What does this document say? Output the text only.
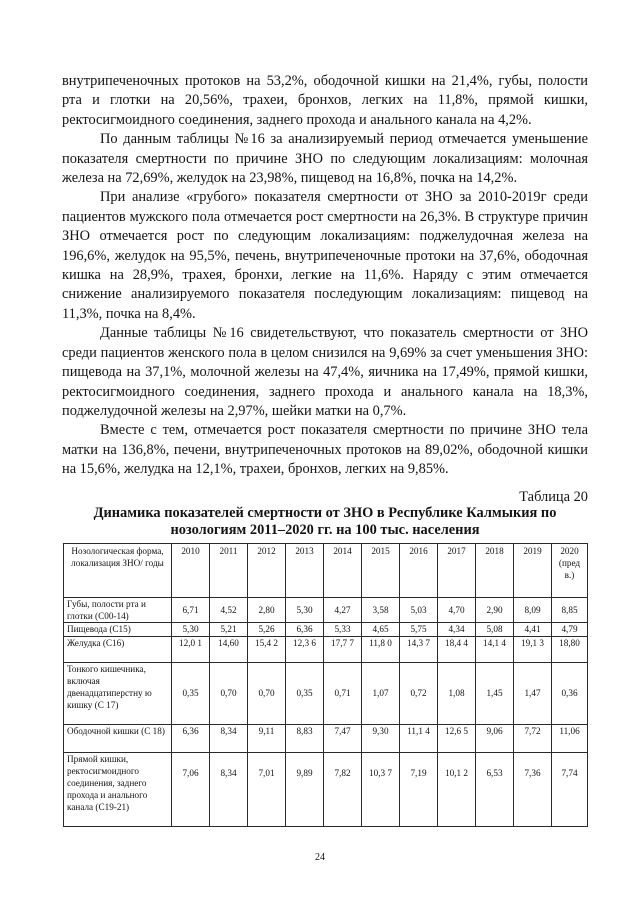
внутрипеченочных протоков на 53,2%, ободочной кишки на 21,4%, губы, полости рта и глотки на 20,56%, трахеи, бронхов, легких на 11,8%, прямой кишки, ректосигмоидного соединения, заднего прохода и анального канала на 4,2%.

По данным таблицы №16 за анализируемый период отмечается уменьшение показателя смертности по причине ЗНО по следующим локализациям: молочная железа на 72,69%, желудок на 23,98%, пищевод на 16,8%, почка на 14,2%.

При анализе «грубого» показателя смертности от ЗНО за 2010-2019г среди пациентов мужского пола отмечается рост смертности на 26,3%. В структуре причин ЗНО отмечается рост по следующим локализациям: поджелудочная железа на 196,6%, желудок на 95,5%, печень, внутрипеченочные протоки на 37,6%, ободочная кишка на 28,9%, трахея, бронхи, легкие на 11,6%. Наряду с этим отмечается снижение анализируемого показателя последующим локализациям: пищевод на 11,3%, почка на 8,4%.

Данные таблицы №16 свидетельствуют, что показатель смертности от ЗНО среди пациентов женского пола в целом снизился на 9,69% за счет уменьшения ЗНО: пищевода на 37,1%, молочной железы на 47,4%, яичника на 17,49%, прямой кишки, ректосигмоидного соединения, заднего прохода и анального канала на 18,3%, поджелудочной железы на 2,97%, шейки матки на 0,7%.

Вместе с тем, отмечается рост показателя смертности по причине ЗНО тела матки на 136,8%, печени, внутрипеченочных протоков на 89,02%, ободочной кишки на 15,6%, желудка на 12,1%, трахеи, бронхов, легких на 9,85%.

Таблица 20
Динамика показателей смертности от ЗНО в Республике Калмыкия по нозологиям 2011–2020 гг. на 100 тыс. населения
Нозологическая форма, локализация ЗНО/ годы	2010	2011	2012	2013	2014	2015	2016	2017	2018	2019	2020 (пред в.)
Губы, полости рта и глотки (С00-14)	6,71	4,52	2,80	5,30	4,27	3,58	5,03	4,70	2,90	8,09	8,85
Пищевода (С15)	5,30	5,21	5,26	6,36	5,33	4,65	5,75	4,34	5,08	4,41	4,79
Желудка (С16)	12,0 1	14,60	15,4 2	12,3 6	17,7 7	11,8 0	14,3 7	18,4 4	14,1 4	19,1 3	18,80
Тонкого кишечника, включая двенадцатиперстну ю кишку (С 17)	0,35	0,70	0,70	0,35	0,71	1,07	0,72	1,08	1,45	1,47	0,36
Ободочной кишки (С 18)	6,36	8,34	9,11	8,83	7,47	9,30	11,1 4	12,6 5	9,06	7,72	11,06
Прямой кишки, ректосигмоидного соединения, заднего прохода и анального канала (С19-21)	7,06	8,34	7,01	9,89	7,82	10,3 7	7,19	10,1 2	6,53	7,36	7,74
24
